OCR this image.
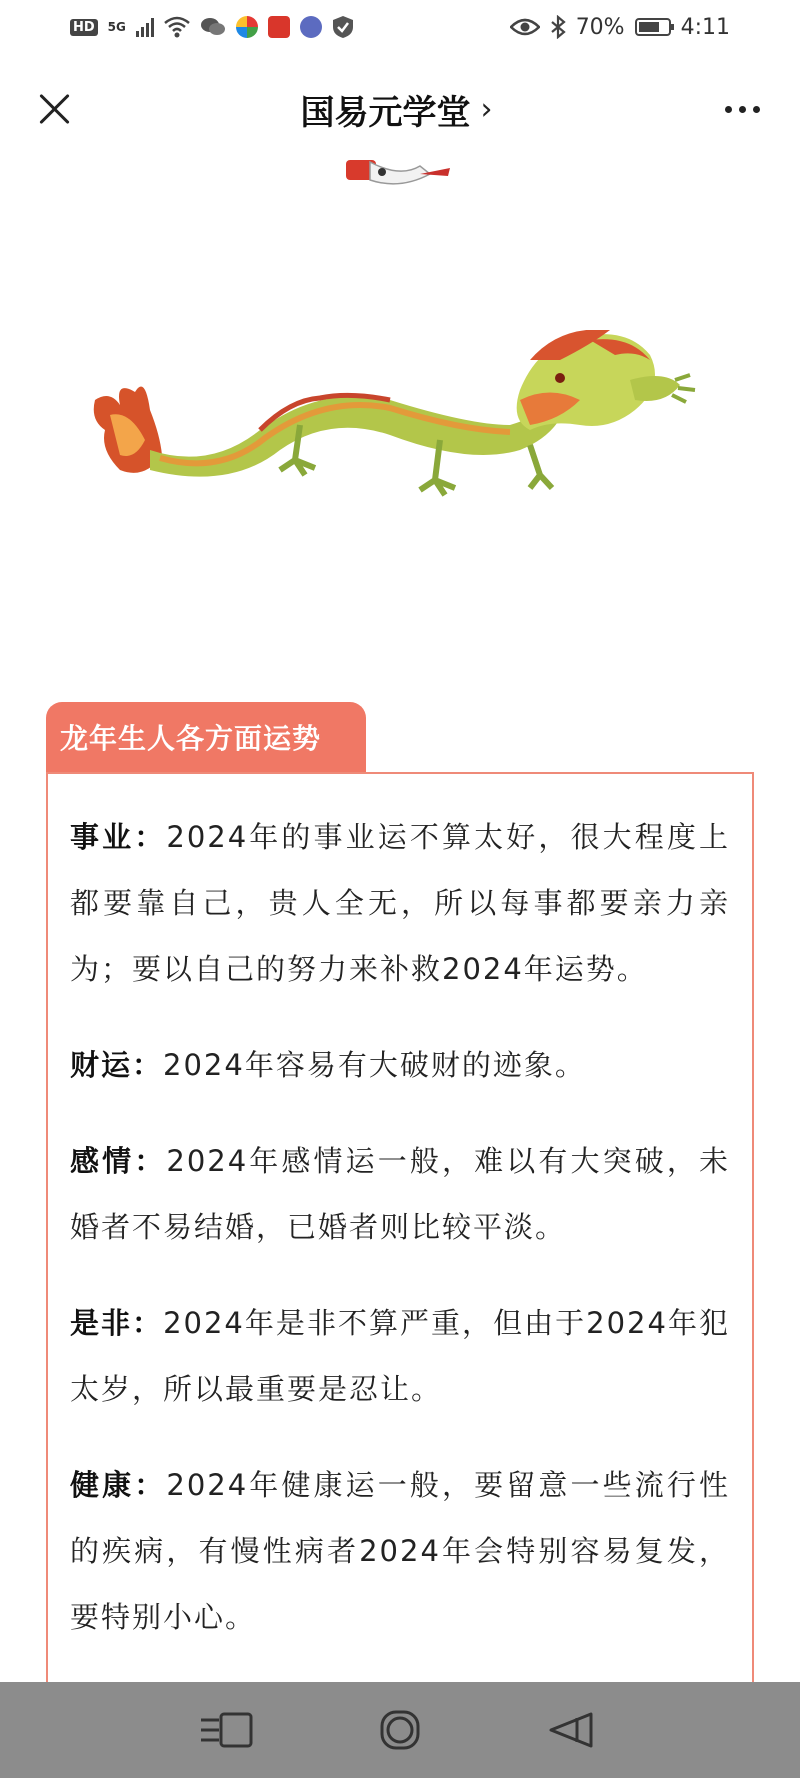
HD 5G	70%	4:11
国易元学堂 ›
龙年生人各方面运势

事业：2024年的事业运不算太好，很大程度上都要靠自己，贵人全无，所以每事都要亲力亲为；要以自己的努力来补救2024年运势。

财运：2024年容易有大破财的迹象。

感情：2024年感情运一般，难以有大突破，未婚者不易结婚，已婚者则比较平淡。

是非：2024年是非不算严重，但由于2024年犯太岁，所以最重要是忍让。

健康：2024年健康运一般，要留意一些流行性的疾病，有慢性病者2024年会特别容易复发，要特别小心。
